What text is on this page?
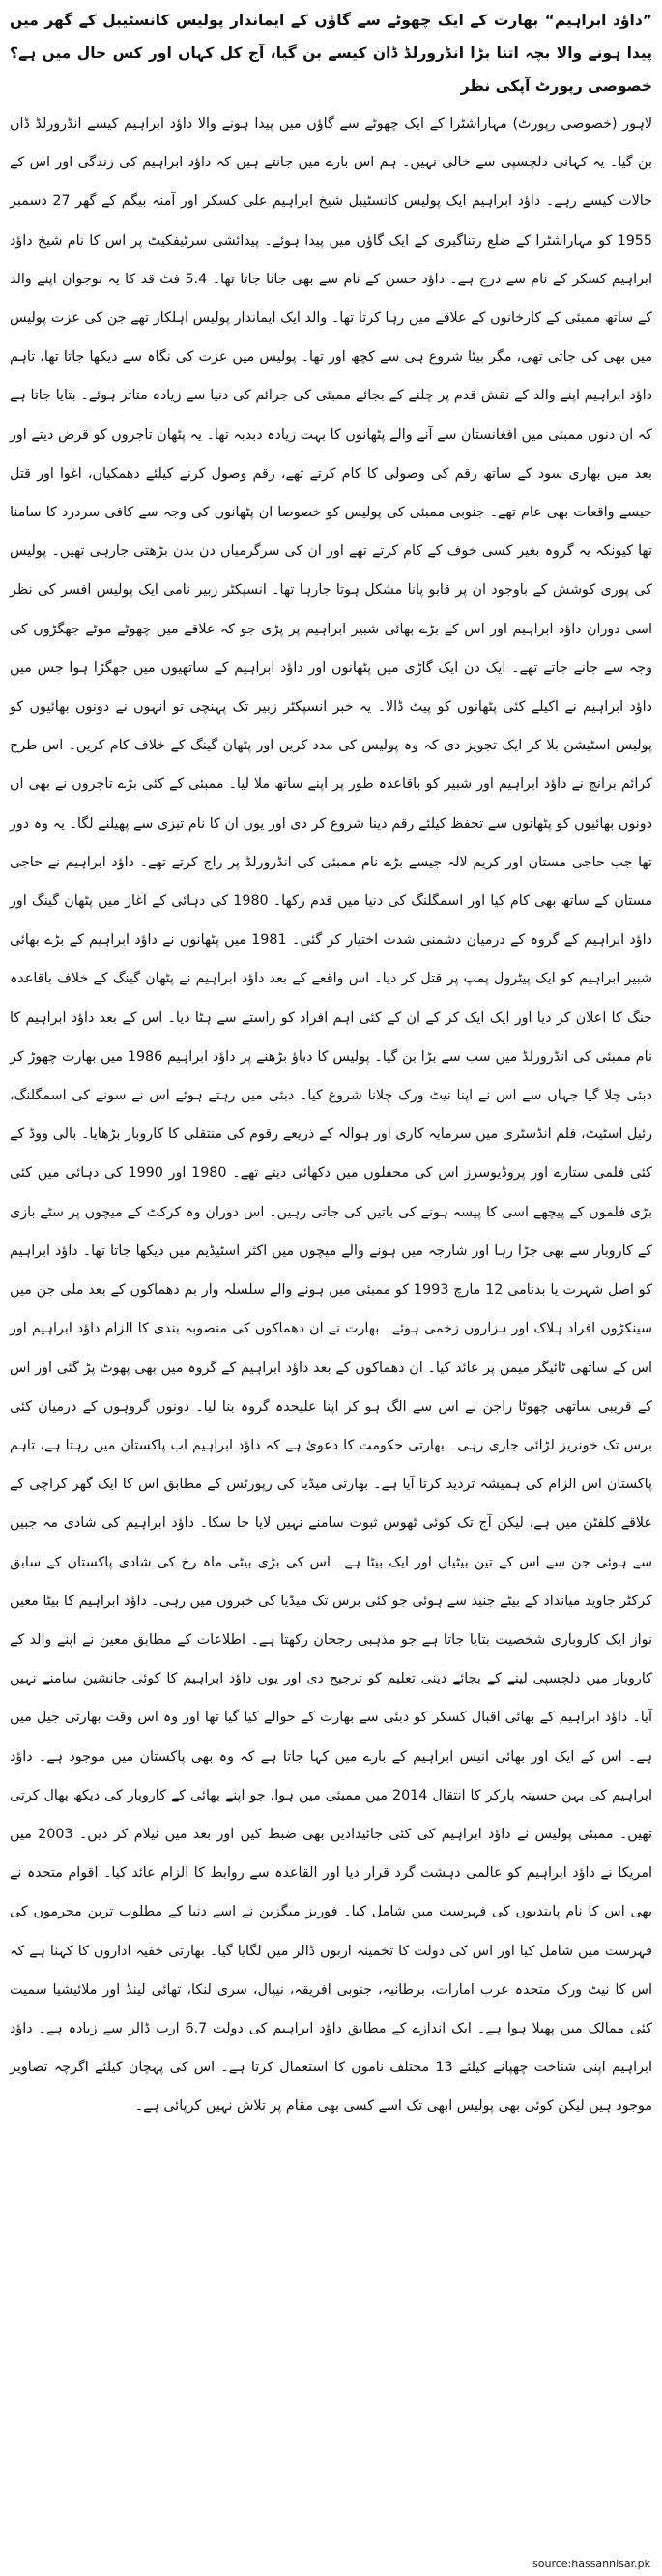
”داؤد ابراہیم“ بھارت کے ایک چھوٹے سے گاؤں کے ایماندار پولیس کانسٹیبل کے گھر میں پیدا ہونے والا بچہ اتنا بڑا انڈرورلڈ ڈان کیسے بن گیا، آج کل کہاں اور کس حال میں ہے؟ خصوصی رپورٹ آپکی نظر

لاہور (خصوصی رپورٹ) مہاراشٹرا کے ایک چھوٹے سے گاؤں میں پیدا ہونے والا داؤد ابراہیم کیسے انڈرورلڈ ڈان بن گیا۔ یہ کہانی دلچسپی سے خالی نہیں۔ ہم اس بارے میں جانتے ہیں کہ داؤد ابراہیم کی زندگی اور اس کے حالات کیسے رہے۔ داؤد ابراہیم ایک پولیس کانسٹیبل شیخ ابراہیم علی کسکر اور آمنہ بیگم کے گھر 27 دسمبر 1955 کو مہاراشٹرا کے ضلع رتناگیری کے ایک گاؤں میں پیدا ہوئے۔ پیدائشی سرٹیفکیٹ پر اس کا نام شیخ داؤد ابراہیم کسکر کے نام سے درج ہے۔ داؤد حسن کے نام سے بھی جانا جاتا تھا۔ 5.4 فٹ قد کا یہ نوجوان اپنے والد کے ساتھ ممبئی کے کارخانوں کے علاقے میں رہا کرتا تھا۔ والد ایک ایماندار پولیس اہلکار تھے جن کی عزت پولیس میں بھی کی جاتی تھی، مگر بیٹا شروع ہی سے کچھ اور تھا۔ پولیس میں عزت کی نگاہ سے دیکھا جاتا تھا، تاہم داؤد ابراہیم اپنے والد کے نقش قدم پر چلنے کے بجائے ممبئی کی جرائم کی دنیا سے زیادہ متاثر ہوئے۔ بتایا جاتا ہے کہ ان دنوں ممبئی میں افغانستان سے آنے والے پٹھانوں کا بہت زیادہ دبدبہ تھا۔ یہ پٹھان تاجروں کو قرض دیتے اور بعد میں بھاری سود کے ساتھ رقم کی وصولی کا کام کرتے تھے، رقم وصول کرنے کیلئے دھمکیاں، اغوا اور قتل جیسے واقعات بھی عام تھے۔ جنوبی ممبئی کی پولیس کو خصوصا ان پٹھانوں کی وجہ سے کافی سردرد کا سامنا تھا کیونکہ یہ گروہ بغیر کسی خوف کے کام کرتے تھے اور ان کی سرگرمیاں دن بدن بڑھتی جارہی تھیں۔ پولیس کی پوری کوشش کے باوجود ان پر قابو پانا مشکل ہوتا جارہا تھا۔ انسپکٹر زبیر نامی ایک پولیس افسر کی نظر اسی دوران داؤد ابراہیم اور اس کے بڑے بھائی شبیر ابراہیم پر پڑی جو کہ علاقے میں چھوٹے موٹے جھگڑوں کی وجہ سے جانے جاتے تھے۔ ایک دن ایک گاڑی میں پٹھانوں اور داؤد ابراہیم کے ساتھیوں میں جھگڑا ہوا جس میں داؤد ابراہیم نے اکیلے کئی پٹھانوں کو پیٹ ڈالا۔ یہ خبر انسپکٹر زبیر تک پہنچی تو انہوں نے دونوں بھائیوں کو پولیس اسٹیشن بلا کر ایک تجویز دی کہ وہ پولیس کی مدد کریں اور پٹھان گینگ کے خلاف کام کریں۔ اس طرح کرائم برانچ نے داؤد ابراہیم اور شبیر کو باقاعدہ طور پر اپنے ساتھ ملا لیا۔ ممبئی کے کئی بڑے تاجروں نے بھی ان دونوں بھائیوں کو پٹھانوں سے تحفظ کیلئے رقم دینا شروع کر دی اور یوں ان کا نام تیزی سے پھیلنے لگا۔ یہ وہ دور تھا جب حاجی مستان اور کریم لالہ جیسے بڑے نام ممبئی کی انڈرورلڈ پر راج کرتے تھے۔ داؤد ابراہیم نے حاجی مستان کے ساتھ بھی کام کیا اور اسمگلنگ کی دنیا میں قدم رکھا۔ 1980 کی دہائی کے آغاز میں پٹھان گینگ اور داؤد ابراہیم کے گروہ کے درمیان دشمنی شدت اختیار کر گئی۔ 1981 میں پٹھانوں نے داؤد ابراہیم کے بڑے بھائی شبیر ابراہیم کو ایک پیٹرول پمپ پر قتل کر دیا۔ اس واقعے کے بعد داؤد ابراہیم نے پٹھان گینگ کے خلاف باقاعدہ جنگ کا اعلان کر دیا اور ایک ایک کر کے ان کے کئی اہم افراد کو راستے سے ہٹا دیا۔ اس کے بعد داؤد ابراہیم کا نام ممبئی کی انڈرورلڈ میں سب سے بڑا بن گیا۔ پولیس کا دباؤ بڑھنے پر داؤد ابراہیم 1986 میں بھارت چھوڑ کر دبئی چلا گیا جہاں سے اس نے اپنا نیٹ ورک چلانا شروع کیا۔ دبئی میں رہتے ہوئے اس نے سونے کی اسمگلنگ، رئیل اسٹیٹ، فلم انڈسٹری میں سرمایہ کاری اور ہوالہ کے ذریعے رقوم کی منتقلی کا کاروبار بڑھایا۔ بالی ووڈ کے کئی فلمی ستارے اور پروڈیوسرز اس کی محفلوں میں دکھائی دیتے تھے۔ 1980 اور 1990 کی دہائی میں کئی بڑی فلموں کے پیچھے اسی کا پیسہ ہونے کی باتیں کی جاتی رہیں۔ اس دوران وہ کرکٹ کے میچوں پر سٹے بازی کے کاروبار سے بھی جڑا رہا اور شارجہ میں ہونے والے میچوں میں اکثر اسٹیڈیم میں دیکھا جاتا تھا۔ داؤد ابراہیم کو اصل شہرت یا بدنامی 12 مارچ 1993 کو ممبئی میں ہونے والے سلسلہ وار بم دھماکوں کے بعد ملی جن میں سینکڑوں افراد ہلاک اور ہزاروں زخمی ہوئے۔ بھارت نے ان دھماکوں کی منصوبہ بندی کا الزام داؤد ابراہیم اور اس کے ساتھی ٹائیگر میمن پر عائد کیا۔ ان دھماکوں کے بعد داؤد ابراہیم کے گروہ میں بھی پھوٹ پڑ گئی اور اس کے قریبی ساتھی چھوٹا راجن نے اس سے الگ ہو کر اپنا علیحدہ گروہ بنا لیا۔ دونوں گروہوں کے درمیان کئی برس تک خونریز لڑائی جاری رہی۔ بھارتی حکومت کا دعویٰ ہے کہ داؤد ابراہیم اب پاکستان میں رہتا ہے، تاہم پاکستان اس الزام کی ہمیشہ تردید کرتا آیا ہے۔ بھارتی میڈیا کی رپورٹس کے مطابق اس کا ایک گھر کراچی کے علاقے کلفٹن میں ہے، لیکن آج تک کوئی ٹھوس ثبوت سامنے نہیں لایا جا سکا۔ داؤد ابراہیم کی شادی مہ جبین سے ہوئی جن سے اس کے تین بیٹیاں اور ایک بیٹا ہے۔ اس کی بڑی بیٹی ماہ رخ کی شادی پاکستان کے سابق کرکٹر جاوید میانداد کے بیٹے جنید سے ہوئی جو کئی برس تک میڈیا کی خبروں میں رہی۔ داؤد ابراہیم کا بیٹا معین نواز ایک کاروباری شخصیت بتایا جاتا ہے جو مذہبی رجحان رکھتا ہے۔ اطلاعات کے مطابق معین نے اپنے والد کے کاروبار میں دلچسپی لینے کے بجائے دینی تعلیم کو ترجیح دی اور یوں داؤد ابراہیم کا کوئی جانشین سامنے نہیں آیا۔ داؤد ابراہیم کے بھائی اقبال کسکر کو دبئی سے بھارت کے حوالے کیا گیا تھا اور وہ اس وقت بھارتی جیل میں ہے۔ اس کے ایک اور بھائی انیس ابراہیم کے بارے میں کہا جاتا ہے کہ وہ بھی پاکستان میں موجود ہے۔ داؤد ابراہیم کی بہن حسینہ پارکر کا انتقال 2014 میں ممبئی میں ہوا، جو اپنے بھائی کے کاروبار کی دیکھ بھال کرتی تھیں۔ ممبئی پولیس نے داؤد ابراہیم کی کئی جائیدادیں بھی ضبط کیں اور بعد میں نیلام کر دیں۔ 2003 میں امریکا نے داؤد ابراہیم کو عالمی دہشت گرد قرار دیا اور القاعدہ سے روابط کا الزام عائد کیا۔ اقوام متحدہ نے بھی اس کا نام پابندیوں کی فہرست میں شامل کیا۔ فوربز میگزین نے اسے دنیا کے مطلوب ترین مجرموں کی فہرست میں شامل کیا اور اس کی دولت کا تخمینہ اربوں ڈالر میں لگایا گیا۔ بھارتی خفیہ اداروں کا کہنا ہے کہ اس کا نیٹ ورک متحدہ عرب امارات، برطانیہ، جنوبی افریقہ، نیپال، سری لنکا، تھائی لینڈ اور ملائیشیا سمیت کئی ممالک میں پھیلا ہوا ہے۔ ایک اندازے کے مطابق داؤد ابراہیم کی دولت 6.7 ارب ڈالر سے زیادہ ہے۔ داؤد ابراہیم اپنی شناخت چھپانے کیلئے 13 مختلف ناموں کا استعمال کرتا ہے۔ اس کی پہچان کیلئے اگرچہ تصاویر موجود ہیں لیکن کوئی بھی پولیس ابھی تک اسے کسی بھی مقام پر تلاش نہیں کرپائی ہے۔

source:hassannisar.pk
